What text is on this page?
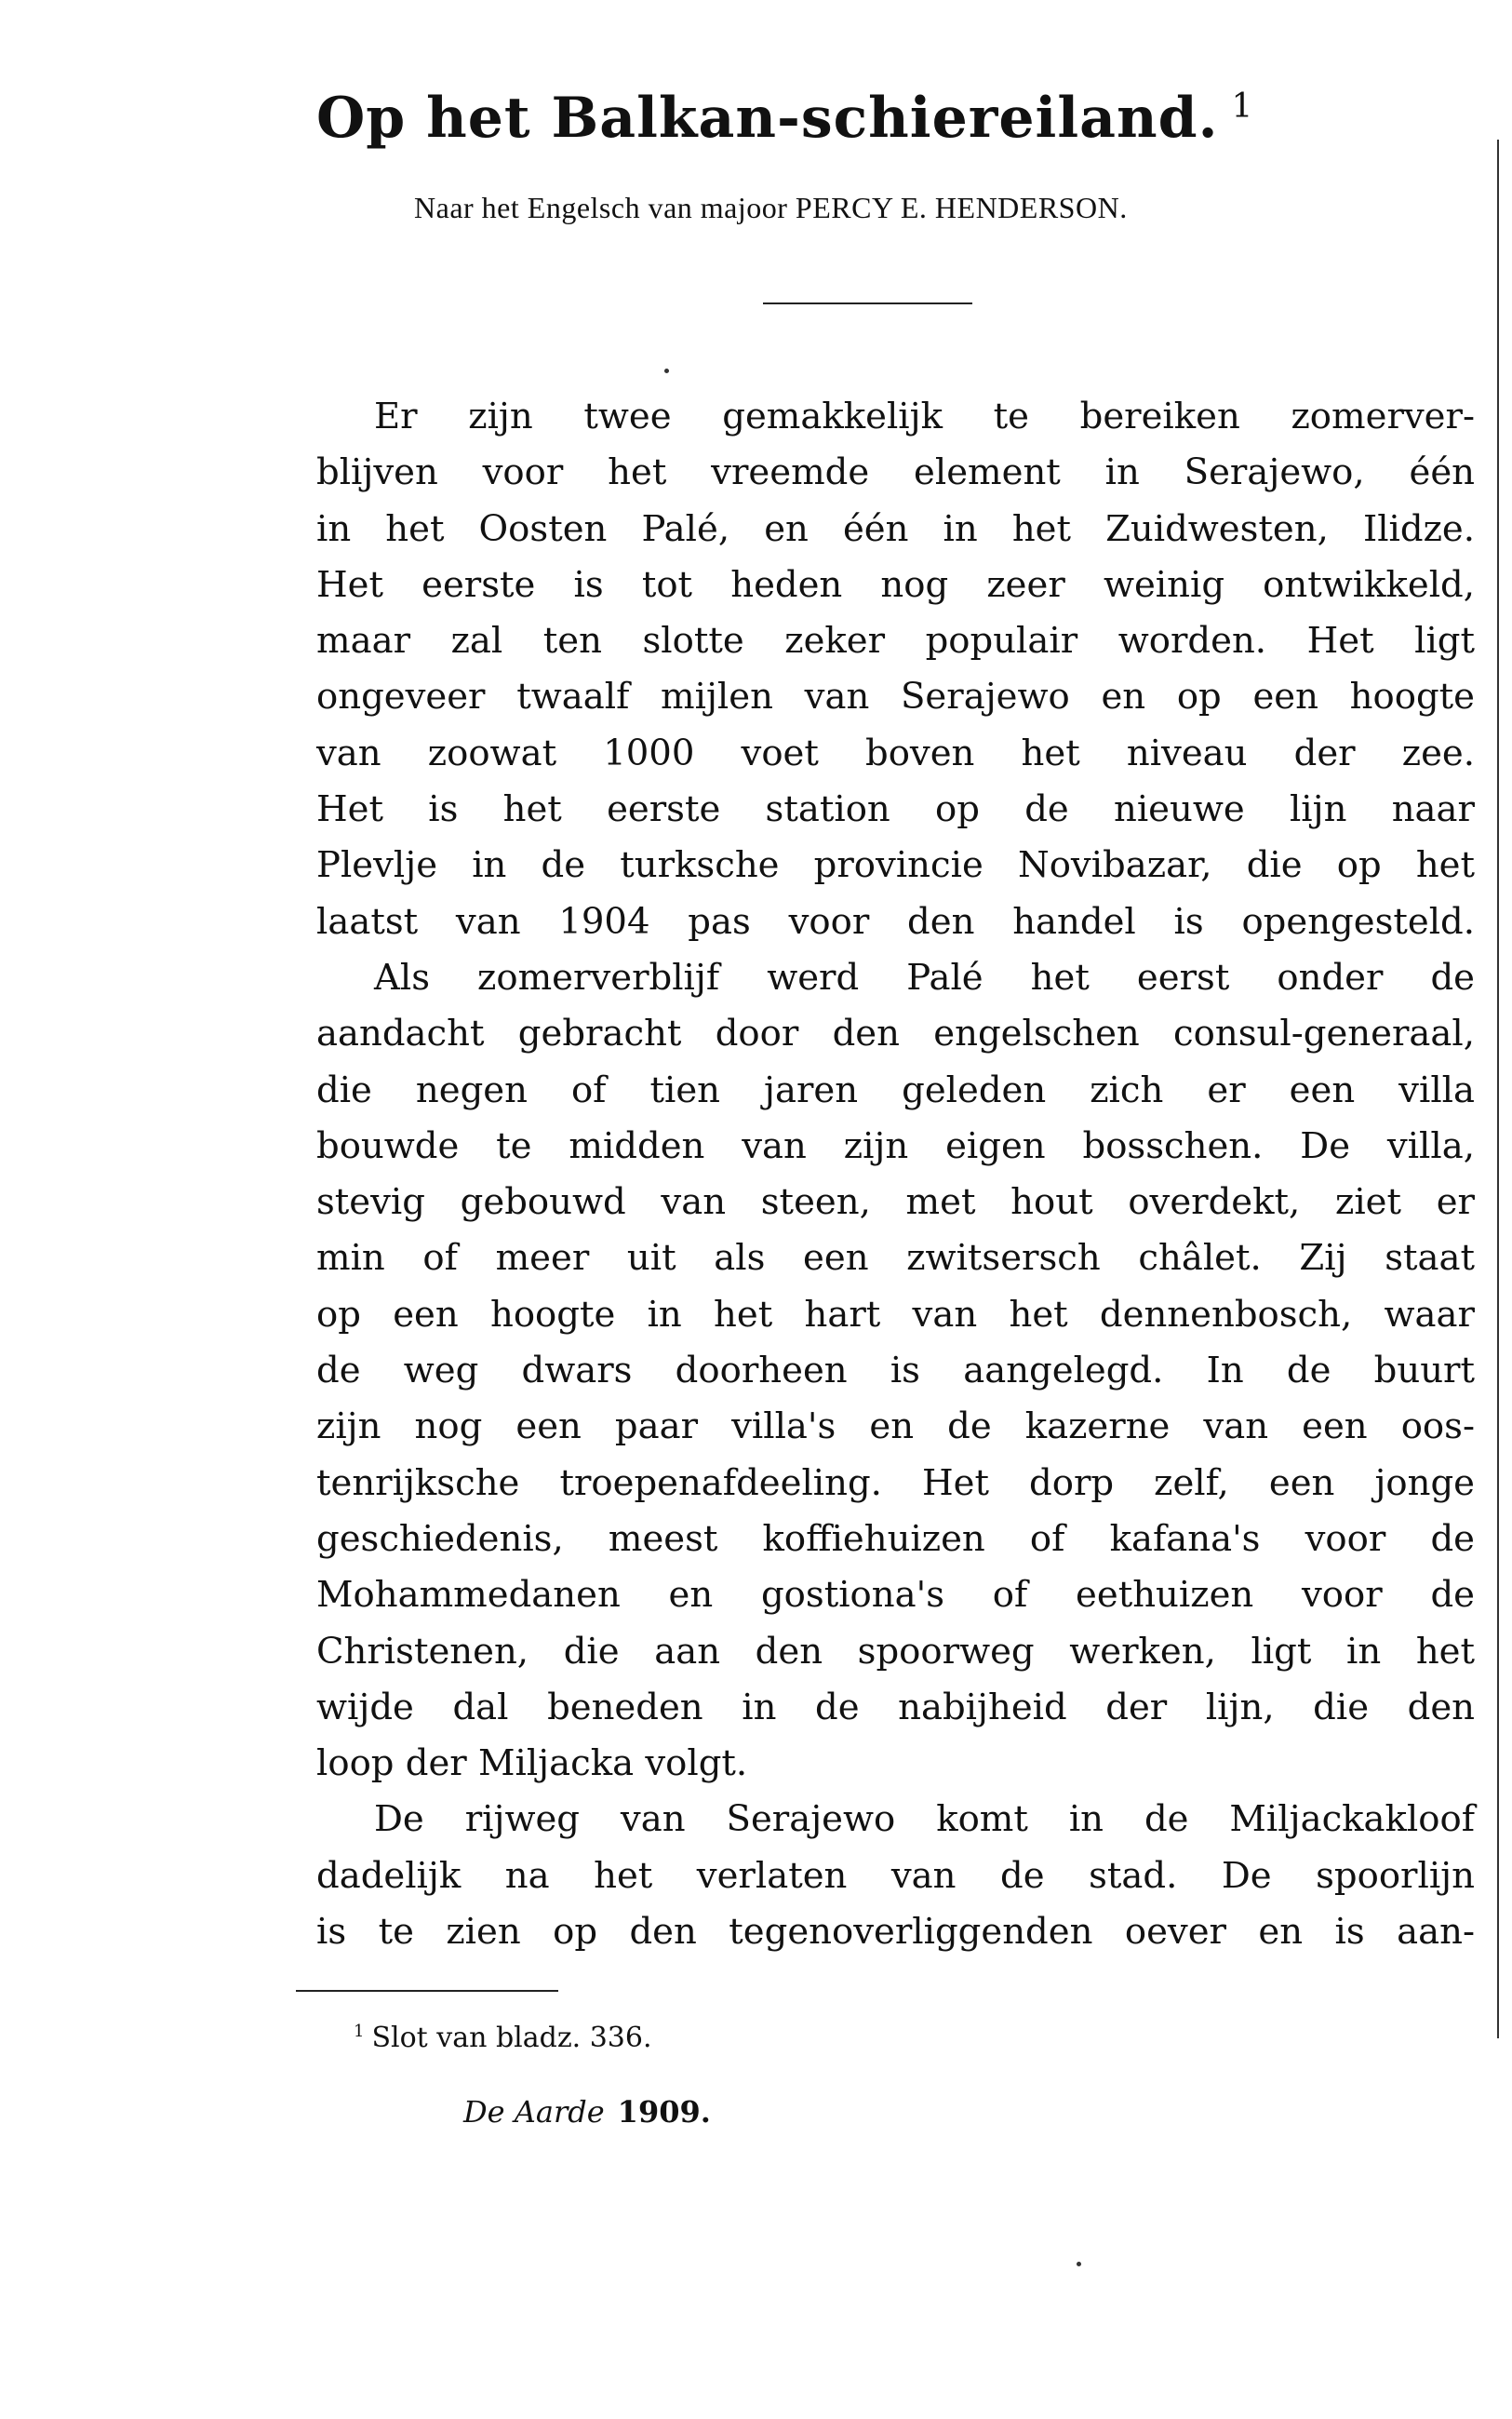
Op het Balkan-schiereiland. $^1$
Naar het Engelsch van majoor PERCY E. HENDERSON.
Er zijn twee gemakkelijk te bereiken zomerver-
blijven voor het vreemde element in Serajewo, één
in het Oosten Palé, en één in het Zuidwesten, Ilidze.
Het eerste is tot heden nog zeer weinig ontwikkeld,
maar zal ten slotte zeker populair worden. Het ligt
ongeveer twaalf mijlen van Serajewo en op een hoogte
van zoowat 1000 voet boven het niveau der zee.
Het is het eerste station op de nieuwe lijn naar
Plevlje in de turksche provincie Novibazar, die op het
laatst van 1904 pas voor den handel is opengesteld.
Als zomerverblijf werd Palé het eerst onder de
aandacht gebracht door den engelschen consul-generaal,
die negen of tien jaren geleden zich er een villa
bouwde te midden van zijn eigen bosschen. De villa,
stevig gebouwd van steen, met hout overdekt, ziet er
min of meer uit als een zwitsersch châlet. Zij staat
op een hoogte in het hart van het dennenbosch, waar
de weg dwars doorheen is aangelegd. In de buurt
zijn nog een paar villa's en de kazerne van een oos-
tenrijksche troepenafdeeling. Het dorp zelf, een jonge
geschiedenis, meest koffiehuizen of kafana's voor de
Mohammedanen en gostiona's of eethuizen voor de
Christenen, die aan den spoorweg werken, ligt in het
wijde dal beneden in de nabijheid der lijn, die den
loop der Miljacka volgt.
De rijweg van Serajewo komt in de Miljackakloof
dadelijk na het verlaten van de stad. De spoorlijn
is te zien op den tegenoverliggenden oever en is aan-
$^1$ Slot van bladz. 336.
De Aarde 1909.
